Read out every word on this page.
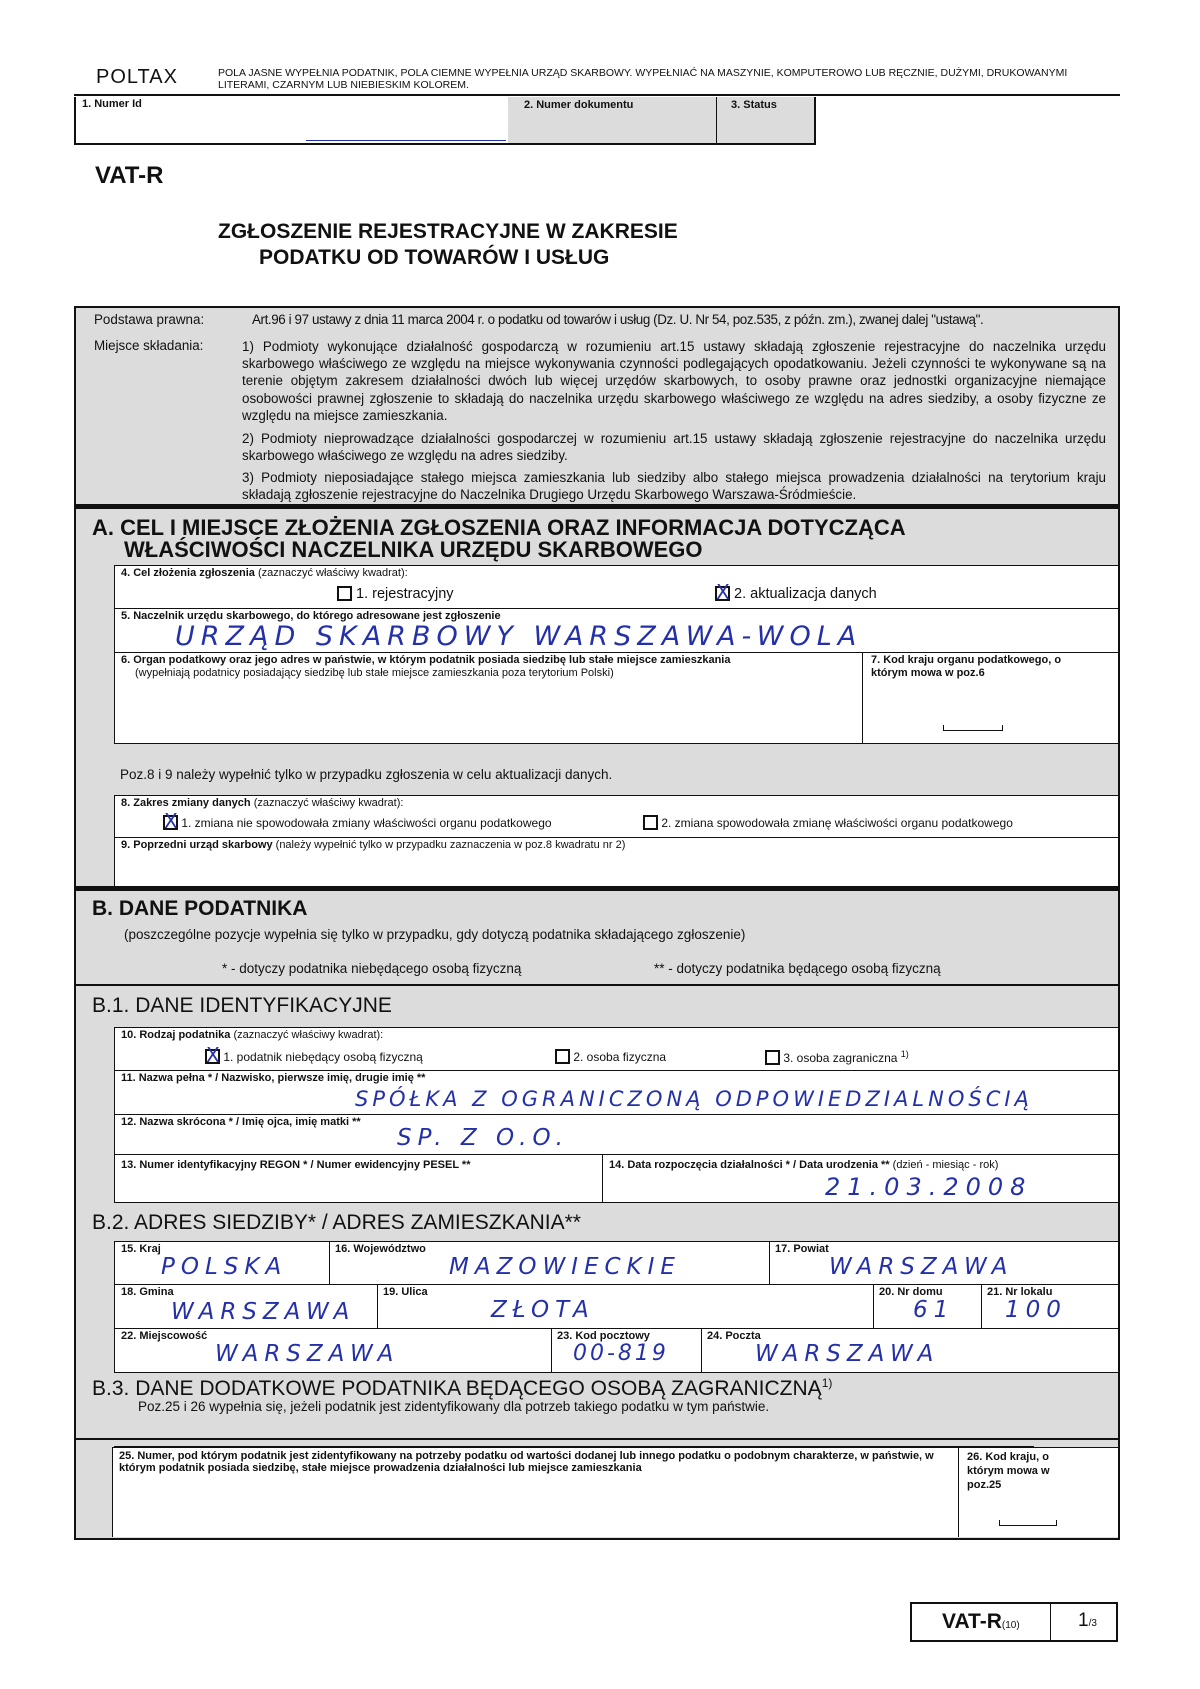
POLTAX	POLA JASNE WYPEŁNIA PODATNIK, POLA CIEMNE WYPEŁNIA URZĄD SKARBOWY. WYPEŁNIAĆ NA MASZYNIE, KOMPUTEROWO LUB RĘCZNIE, DUŻYMI, DRUKOWANYMI LITERAMI, CZARNYM LUB NIEBIESKIM KOLOREM.
1. Numer Id	2. Numer dokumentu	3. Status
VAT-R
ZGŁOSZENIE REJESTRACYJNE W ZAKRESIE
PODATKU OD TOWARÓW I USŁUG
Podstawa prawna:	Art.96 i 97 ustawy z dnia 11 marca 2004 r. o podatku od towarów i usług (Dz. U. Nr 54, poz.535, z późn. zm.), zwanej dalej "ustawą".
Miejsce składania:	1) Podmioty wykonujące działalność gospodarczą w rozumieniu art.15 ustawy składają zgłoszenie rejestracyjne do naczelnika urzędu skarbowego właściwego ze względu na miejsce wykonywania czynności podlegających opodatkowaniu. Jeżeli czynności te wykonywane są na terenie objętym zakresem działalności dwóch lub więcej urzędów skarbowych, to osoby prawne oraz jednostki organizacyjne niemające osobowości prawnej zgłoszenie to składają do naczelnika urzędu skarbowego właściwego ze względu na adres siedziby, a osoby fizyczne ze względu na miejsce zamieszkania.
2) Podmioty nieprowadzące działalności gospodarczej w rozumieniu art.15 ustawy składają zgłoszenie rejestracyjne do naczelnika urzędu skarbowego właściwego ze względu na adres siedziby.
3) Podmioty nieposiadające stałego miejsca zamieszkania lub siedziby albo stałego miejsca prowadzenia działalności na terytorium kraju składają zgłoszenie rejestracyjne do Naczelnika Drugiego Urzędu Skarbowego Warszawa-Śródmieście.
A. CEL I MIEJSCE ZŁOŻENIA ZGŁOSZENIA ORAZ INFORMACJA DOTYCZĄCA
WŁAŚCIWOŚCI NACZELNIKA URZĘDU SKARBOWEGO
4. Cel złożenia zgłoszenia (zaznaczyć właściwy kwadrat):
1. rejestracyjny
X	2. aktualizacja danych
5. Naczelnik urzędu skarbowego, do którego adresowane jest zgłoszenie
URZĄD SKARBOWY WARSZAWA-WOLA
6. Organ podatkowy oraz jego adres w państwie, w którym podatnik posiada siedzibę lub stałe miejsce zamieszkania
(wypełniają podatnicy posiadający siedzibę lub stałe miejsce zamieszkania poza terytorium Polski)
7. Kod kraju organu podatkowego, o którym mowa w poz.6
Poz.8 i 9 należy wypełnić tylko w przypadku zgłoszenia w celu aktualizacji danych.
8. Zakres zmiany danych (zaznaczyć właściwy kwadrat):
X 1. zmiana nie spowodowała zmiany właściwości organu podatkowego	2. zmiana spowodowała zmianę właściwości organu podatkowego
9. Poprzedni urząd skarbowy (należy wypełnić tylko w przypadku zaznaczenia w poz.8 kwadratu nr 2)
B. DANE PODATNIKA
(poszczególne pozycje wypełnia się tylko w przypadku, gdy dotyczą podatnika składającego zgłoszenie)
* - dotyczy podatnika niebędącego osobą fizyczną	** - dotyczy podatnika będącego osobą fizyczną
B.1. DANE IDENTYFIKACYJNE
10. Rodzaj podatnika (zaznaczyć właściwy kwadrat):
X 1. podatnik niebędący osobą fizyczną	2. osoba fizyczna	3. osoba zagraniczna $^{1)}$
11. Nazwa pełna * / Nazwisko, pierwsze imię, drugie imię **
SPÓŁKA Z OGRANICZONĄ ODPOWIEDZIALNOŚCIĄ
12. Nazwa skrócona * / Imię ojca, imię matki **
SP. Z O.O.
13. Numer identyfikacyjny REGON * / Numer ewidencyjny PESEL **	14. Data rozpoczęcia działalności * / Data urodzenia ** (dzień - miesiąc - rok)
21.03.2008
B.2. ADRES SIEDZIBY* / ADRES ZAMIESZKANIA**
15. Kraj
POLSKA
16. Województwo
MAZOWIECKIE
17. Powiat
WARSZAWA
18. Gmina
WARSZAWA
19. Ulica
ZŁOTA
20. Nr domu
61
21. Nr lokalu
100
22. Miejscowość
WARSZAWA
23. Kod pocztowy
00-819
24. Poczta
WARSZAWA
B.3. DANE DODATKOWE PODATNIKA BĘDĄCEGO OSOBĄ ZAGRANICZNĄ$^{1)}$
Poz.25 i 26 wypełnia się, jeżeli podatnik jest zidentyfikowany dla potrzeb takiego podatku w tym państwie.
25. Numer, pod którym podatnik jest zidentyfikowany na potrzeby podatku od wartości dodanej lub innego podatku o podobnym charakterze, w państwie, w którym podatnik posiada siedzibę, stałe miejsce prowadzenia działalności lub miejsce zamieszkania
26. Kod kraju, o którym mowa w poz.25
VAT-R(10)	1/3
